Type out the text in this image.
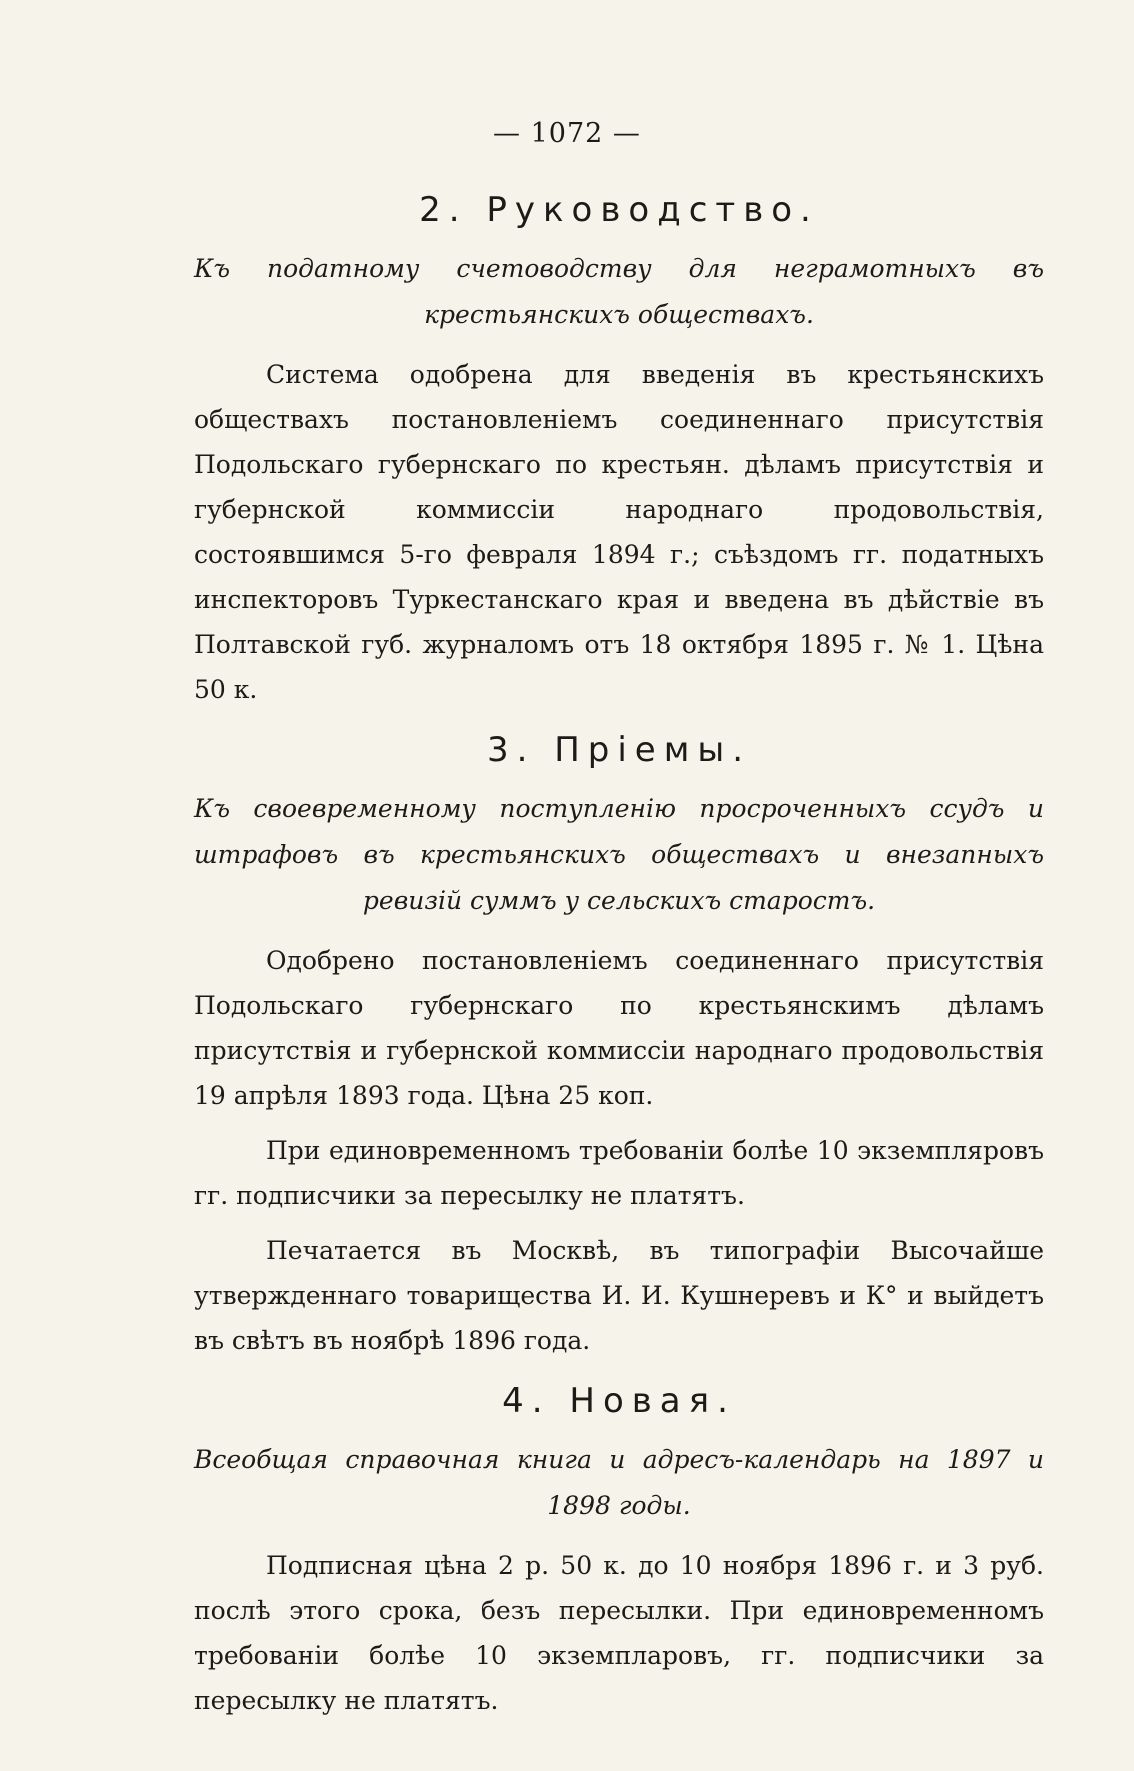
— 1072 —
2. Руководство.
Къ податному счетоводству для неграмотныхъ въ крестьянскихъ обществахъ.
Система одобрена для введенія въ крестьянскихъ обществахъ постановленіемъ соединеннаго присутствія Подольскаго губернскаго по крестьян. дѣламъ присутствія и губернской коммиссіи народнаго продовольствія, состоявшимся 5-го февраля 1894 г.; съѣздомъ гг. податныхъ инспекторовъ Туркестанскаго края и введена въ дѣйствіе въ Полтавской губ. журналомъ отъ 18 октября 1895 г. № 1. Цѣна 50 к.
3. Пріемы.
Къ своевременному поступленію просроченныхъ ссудъ и штрафовъ въ крестьянскихъ обществахъ и внезапныхъ ревизій суммъ у сельскихъ старостъ.
Одобрено постановленіемъ соединеннаго присутствія Подольскаго губернскаго по крестьянскимъ дѣламъ присутствія и губернской коммиссіи народнаго продовольствія 19 апрѣля 1893 года. Цѣна 25 коп.
При единовременномъ требованіи болѣе 10 экземпляровъ гг. подписчики за пересылку не платятъ.
Печатается въ Москвѣ, въ типографіи Высочайше утвержденнаго товарищества И. И. Кушнеревъ и К° и выйдетъ въ свѣтъ въ ноябрѣ 1896 года.
4. Новая.
Всеобщая справочная книга и адресъ-календарь на 1897 и 1898 годы.
Подписная цѣна 2 р. 50 к. до 10 ноября 1896 г. и 3 руб. послѣ этого срока, безъ пересылки. При единовременномъ требованіи болѣе 10 экземпларовъ, гг. подписчики за пересылку не платятъ.
